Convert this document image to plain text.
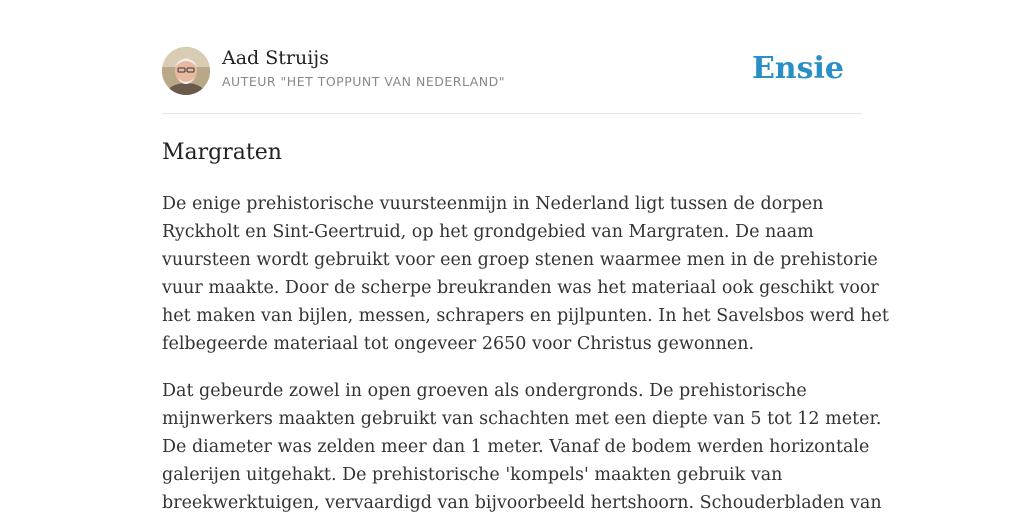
Aad Struijs
AUTEUR "HET TOPPUNT VAN NEDERLAND"	Ensie
Margraten
De enige prehistorische vuursteenmijn in Nederland ligt tussen de dorpen
Ryckholt en Sint-Geertruid, op het grondgebied van Margraten. De naam
vuursteen wordt gebruikt voor een groep stenen waarmee men in de prehistorie
vuur maakte. Door de scherpe breukranden was het materiaal ook geschikt voor
het maken van bijlen, messen, schrapers en pijlpunten. In het Savelsbos werd het
felbegeerde materiaal tot ongeveer 2650 voor Christus gewonnen.
Dat gebeurde zowel in open groeven als ondergronds. De prehistorische
mijnwerkers maakten gebruikt van schachten met een diepte van 5 tot 12 meter.
De diameter was zelden meer dan 1 meter. Vanaf de bodem werden horizontale
galerijen uitgehakt. De prehistorische 'kompels' maakten gebruik van
breekwerktuigen, vervaardigd van bijvoorbeeld hertshoorn. Schouderbladen van
